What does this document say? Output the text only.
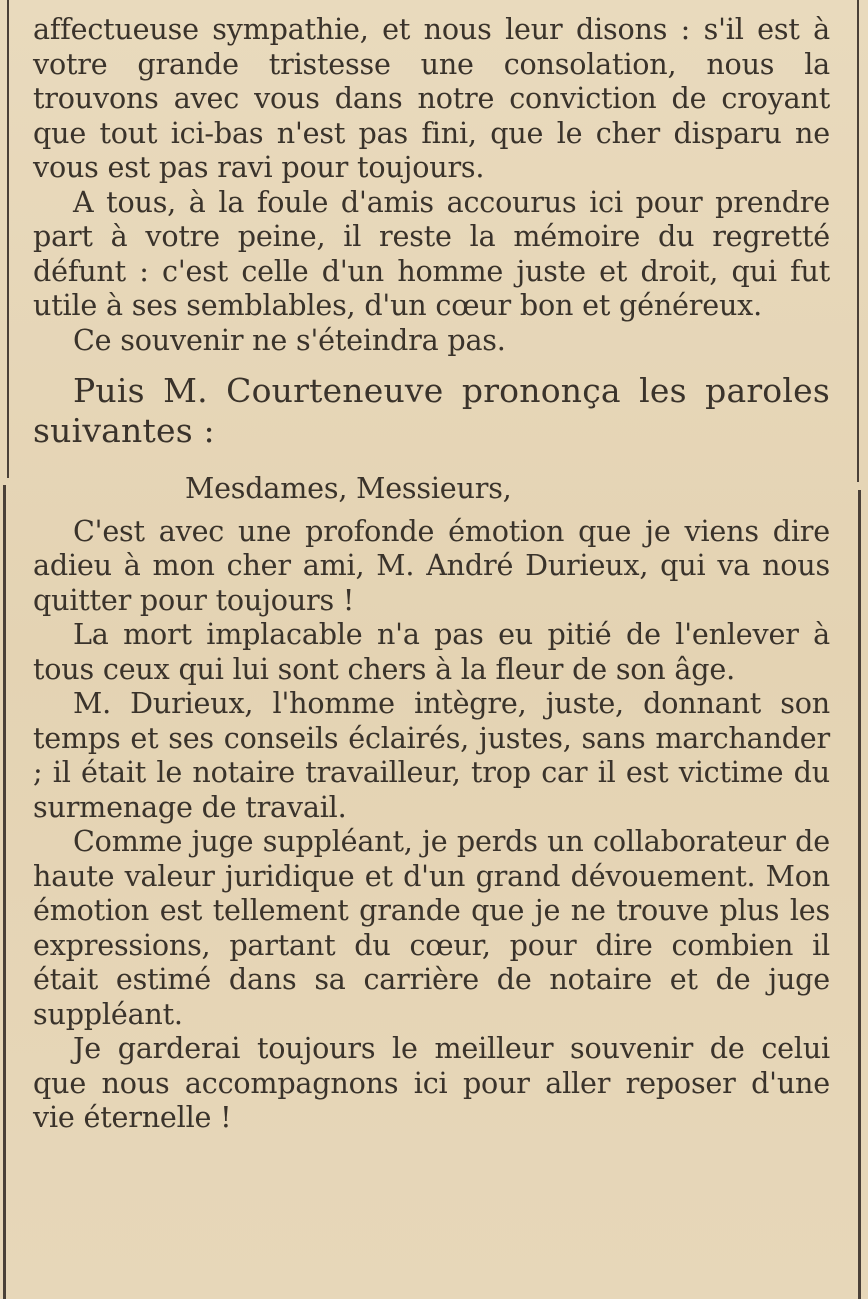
affectueuse sympathie, et nous leur disons : s'il est à votre grande tristesse une consolation, nous la trouvons avec vous dans notre conviction de croyant que tout ici-bas n'est pas fini, que le cher disparu ne vous est pas ravi pour toujours.

A tous, à la foule d'amis accourus ici pour prendre part à votre peine, il reste la mémoire du regretté défunt : c'est celle d'un homme juste et droit, qui fut utile à ses semblables, d'un cœur bon et généreux.

Ce souvenir ne s'éteindra pas.

Puis M. Courteneuve prononça les paroles suivantes :

Mesdames, Messieurs,

C'est avec une profonde émotion que je viens dire adieu à mon cher ami, M. André Durieux, qui va nous quitter pour toujours !

La mort implacable n'a pas eu pitié de l'enlever à tous ceux qui lui sont chers à la fleur de son âge.

M. Durieux, l'homme intègre, juste, donnant son temps et ses conseils éclairés, justes, sans marchander ; il était le notaire travailleur, trop car il est victime du surmenage de travail.

Comme juge suppléant, je perds un collaborateur de haute valeur juridique et d'un grand dévouement. Mon émotion est tellement grande que je ne trouve plus les expressions, partant du cœur, pour dire combien il était estimé dans sa carrière de notaire et de juge suppléant.

Je garderai toujours le meilleur souvenir de celui que nous accompagnons ici pour aller reposer d'une vie éternelle !
